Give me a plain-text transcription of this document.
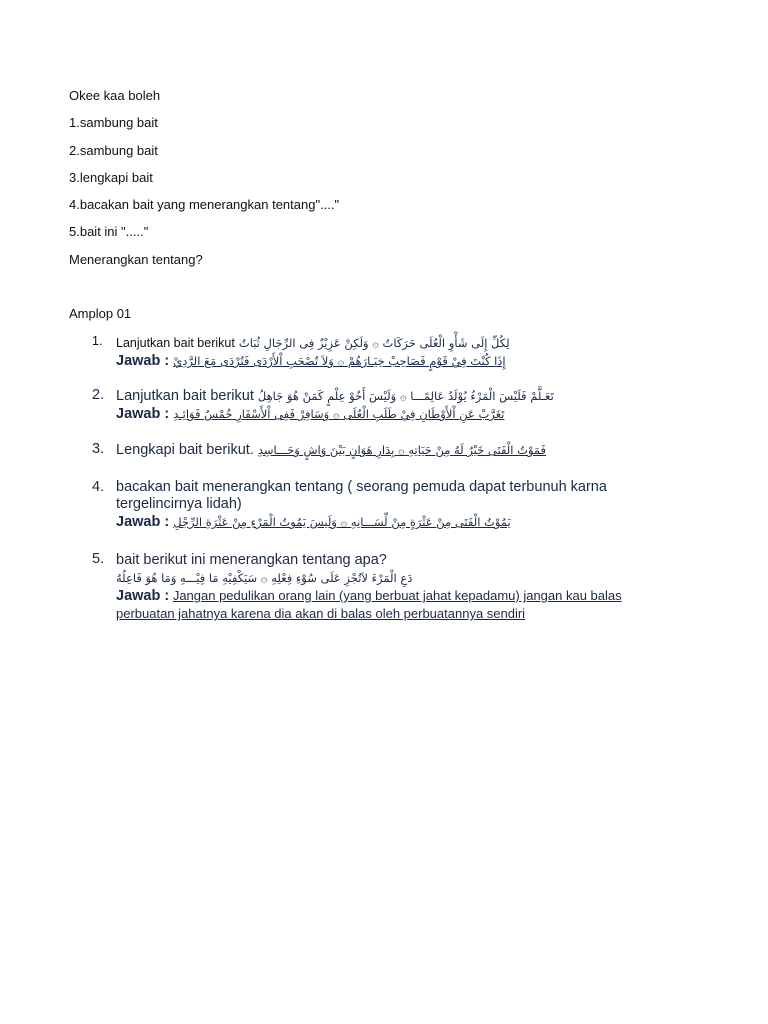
Okee kaa boleh

1.sambung bait

2.sambung bait

3.lengkapi bait

4.bacakan bait yang menerangkan tentang"...."

5.bait ini "....."

Menerangkan tentang?

Amplop 01
1. Lanjutkan bait berikut لِكُلِّ إِلَى شَأْوِ الْعُلَى حَرَكَاتُ ۞ وَلَكِنْ عَزِيْزٌ فِى الرِّجَالِ ثُبَاتُ
Jawab : إِذَا كُنْتَ فِيْ قَوْمٍ فَصَاحِبْ خِيَـارَهُمْ ۞ وَلاَ تُصْحَبِ اْلأَرْدَى فَتُرْدَى مَعَ الرَّدِيْ
2. Lanjutkan bait berikut تَعَـلَّمْ فَلَيْسَ الْمَرْءُ يُوْلَدُ عَالِمًـــا ۞ وَلَيْسَ أَخُوْ عِلْمٍ كَمَنْ هُوَ جَاهِلُ
Jawab : تَغَرَّبْ عَنِ اْلأَوْطَانِ فِيْ طَلَبِ الْعُلَى ۞ وَسَافِرْ فَفِى اْلأَسْفَارِ خُمْسُ فَوَائِـدِ
3. Lengkapi bait berikut. فَمَوْتُ الْفَتَى خَيْرٌ لَهُ مِنْ حَيَاتِهِ ۞ بِدَارِ هَوَانٍ بَيْنَ وَاشٍ وَحَـــاسِدِ
4. bacakan bait menerangkan tentang ( seorang pemuda dapat terbunuh karna tergelincirnya lidah)
Jawab : يَمُوْتُ الْفَتَى مِنْ عَثْرَةٍ مِنْ لِّسَـــانِهِ ۞ وَلَيسَ يَمُوتُ الْمَرْءِ مِنْ عَثْرَةِ الرِّجْلِ
5. bait berikut ini menerangkan tentang apa?
دَعِ الْمَرْءَ لاَتُجْزِ عَلَى سُوْءِ فِعْلِهِ ۞ سَيَكْفِيْهِ مَا فِيْـــهِ وَمَا هُوَ فَاعِلُهُ
Jawab : Jangan pedulikan orang lain (yang berbuat jahat kepadamu) jangan kau balas perbuatan jahatnya karena dia akan di balas oleh perbuatannya sendiri
